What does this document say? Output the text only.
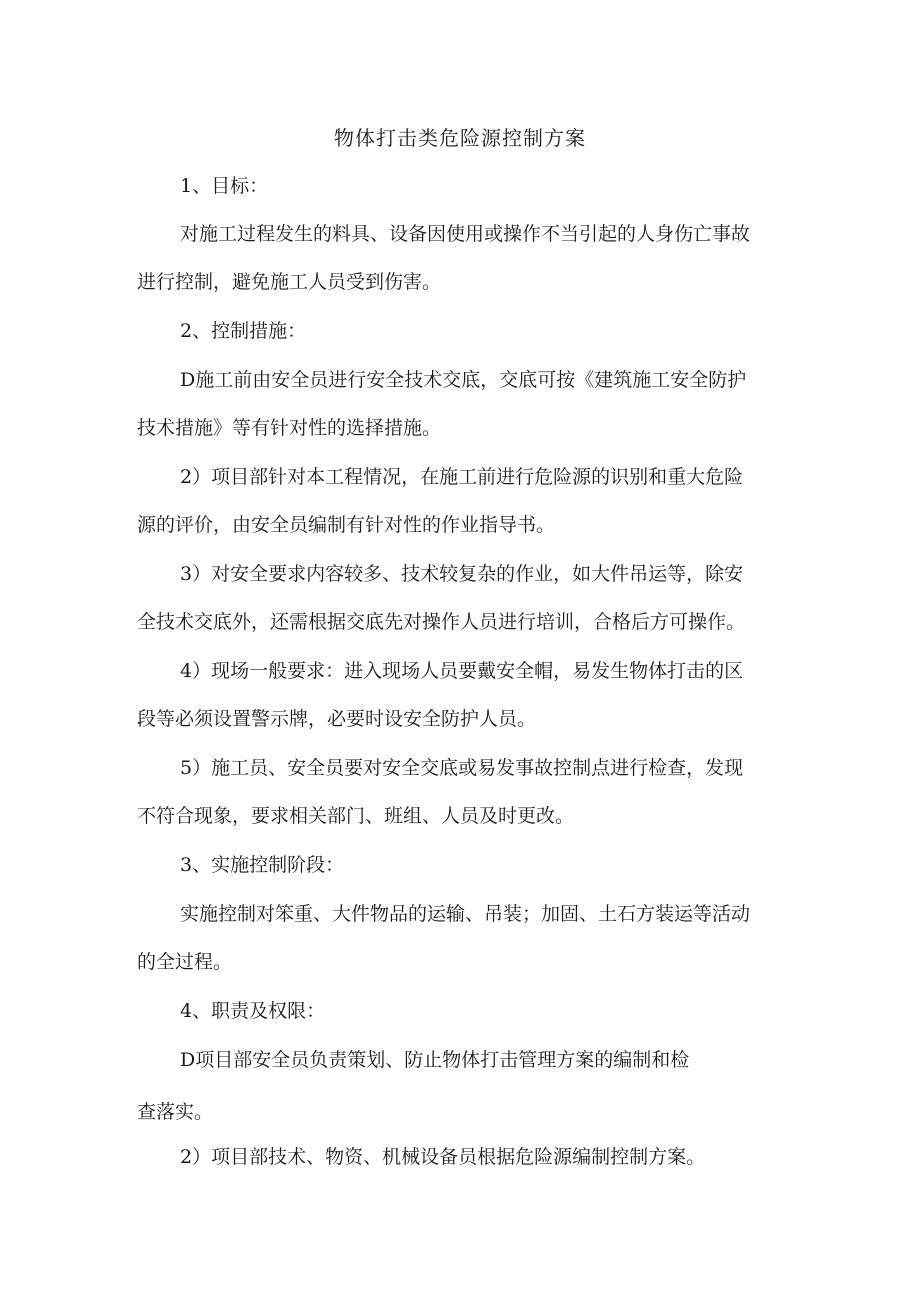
物体打击类危险源控制方案
1、目标：
对施工过程发生的料具、设备因使用或操作不当引起的人身伤亡事故
进行控制，避免施工人员受到伤害。
2、控制措施：
D施工前由安全员进行安全技术交底，交底可按《建筑施工安全防护
技术措施》等有针对性的选择措施。
2）项目部针对本工程情况，在施工前进行危险源的识别和重大危险
源的评价，由安全员编制有针对性的作业指导书。
3）对安全要求内容较多、技术较复杂的作业，如大件吊运等，除安
全技术交底外，还需根据交底先对操作人员进行培训，合格后方可操作。
4）现场一般要求：进入现场人员要戴安全帽，易发生物体打击的区
段等必须设置警示牌，必要时设安全防护人员。
5）施工员、安全员要对安全交底或易发事故控制点进行检查，发现
不符合现象，要求相关部门、班组、人员及时更改。
3、实施控制阶段：
实施控制对笨重、大件物品的运输、吊装；加固、土石方装运等活动
的全过程。
4、职责及权限：
D项目部安全员负责策划、防止物体打击管理方案的编制和检
查落实。
2）项目部技术、物资、机械设备员根据危险源编制控制方案。
